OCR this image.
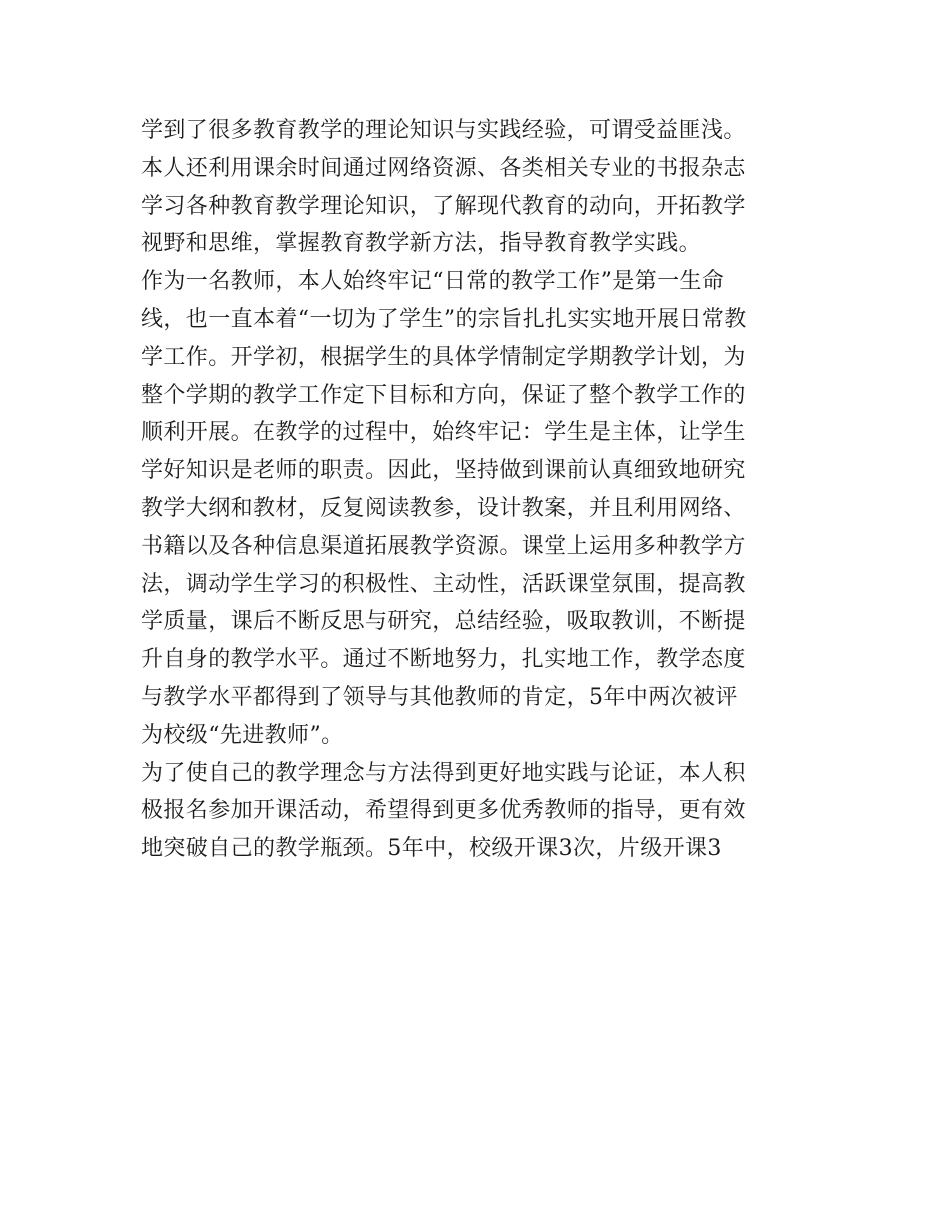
学到了很多教育教学的理论知识与实践经验，可谓受益匪浅。
本人还利用课余时间通过网络资源、各类相关专业的书报杂志
学习各种教育教学理论知识，了解现代教育的动向，开拓教学
视野和思维，掌握教育教学新方法，指导教育教学实践。
作为一名教师，本人始终牢记“日常的教学工作”是第一生命
线，也一直本着“一切为了学生”的宗旨扎扎实实地开展日常教
学工作。开学初，根据学生的具体学情制定学期教学计划，为
整个学期的教学工作定下目标和方向，保证了整个教学工作的
顺利开展。在教学的过程中，始终牢记：学生是主体，让学生
学好知识是老师的职责。因此，坚持做到课前认真细致地研究
教学大纲和教材，反复阅读教参，设计教案，并且利用网络、
书籍以及各种信息渠道拓展教学资源。课堂上运用多种教学方
法，调动学生学习的积极性、主动性，活跃课堂氛围，提高教
学质量，课后不断反思与研究，总结经验，吸取教训，不断提
升自身的教学水平。通过不断地努力，扎实地工作，教学态度
与教学水平都得到了领导与其他教师的肯定，5年中两次被评
为校级“先进教师”。
为了使自己的教学理念与方法得到更好地实践与论证，本人积
极报名参加开课活动，希望得到更多优秀教师的指导，更有效
地突破自己的教学瓶颈。5年中，校级开课3次，片级开课3
